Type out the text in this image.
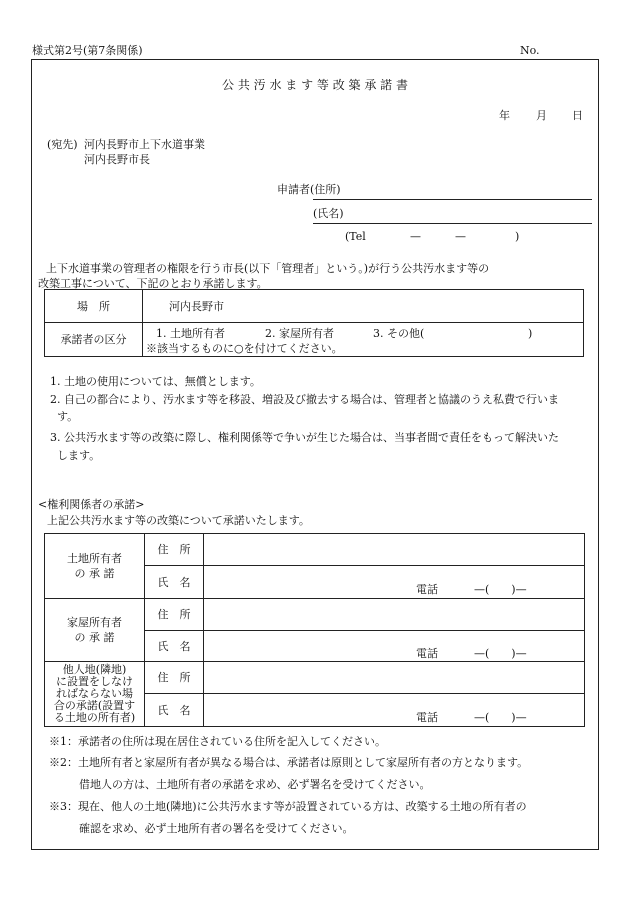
様式第2号(第7条関係)	No.
公 共 汚 水 ま す 等 改 築 承 諾 書
年 月 日
(宛先) 河内長野市上下水道事業
河内長野市長
申請者(住所)
(氏名)
(Tel	—	—	)
上下水道事業の管理者の権限を行う市長(以下「管理者」という。)が行う公共汚水ます等の
改築工事について、下記のとおり承諾します。
場　所	河内長野市
承諾者の区分	1. 土地所有者 2. 家屋所有者 3. その他( )
※該当するものに○を付けてください。
1. 土地の使用については、無償とします。
2. 自己の都合により、汚水ます等を移設、増設及び撤去する場合は、管理者と協議のうえ私費で行いま
す。
3. 公共汚水ます等の改築に際し、権利関係等で争いが生じた場合は、当事者間で責任をもって解決いた
します。
<権利関係者の承諾>
上記公共汚水ます等の改築について承諾いたします。
土地所有者
の 承 諾	住　所	
	氏　名	電話 —(　　)—

家屋所有者
の 承 諾	住　所	
	氏　名	電話 —(　　)—

他人地(隣地)
に設置をしなけ
ればならない場
合の承諾(設置す
る土地の所有者)	住　所	
	氏　名	電話 —(　　)—
※1：承諾者の住所は現在居住されている住所を記入してください。
※2：土地所有者と家屋所有者が異なる場合は、承諾者は原則として家屋所有者の方となります。
借地人の方は、土地所有者の承諾を求め、必ず署名を受けてください。
※3：現在、他人の土地(隣地)に公共汚水ます等が設置されている方は、改築する土地の所有者の
確認を求め、必ず土地所有者の署名を受けてください。
